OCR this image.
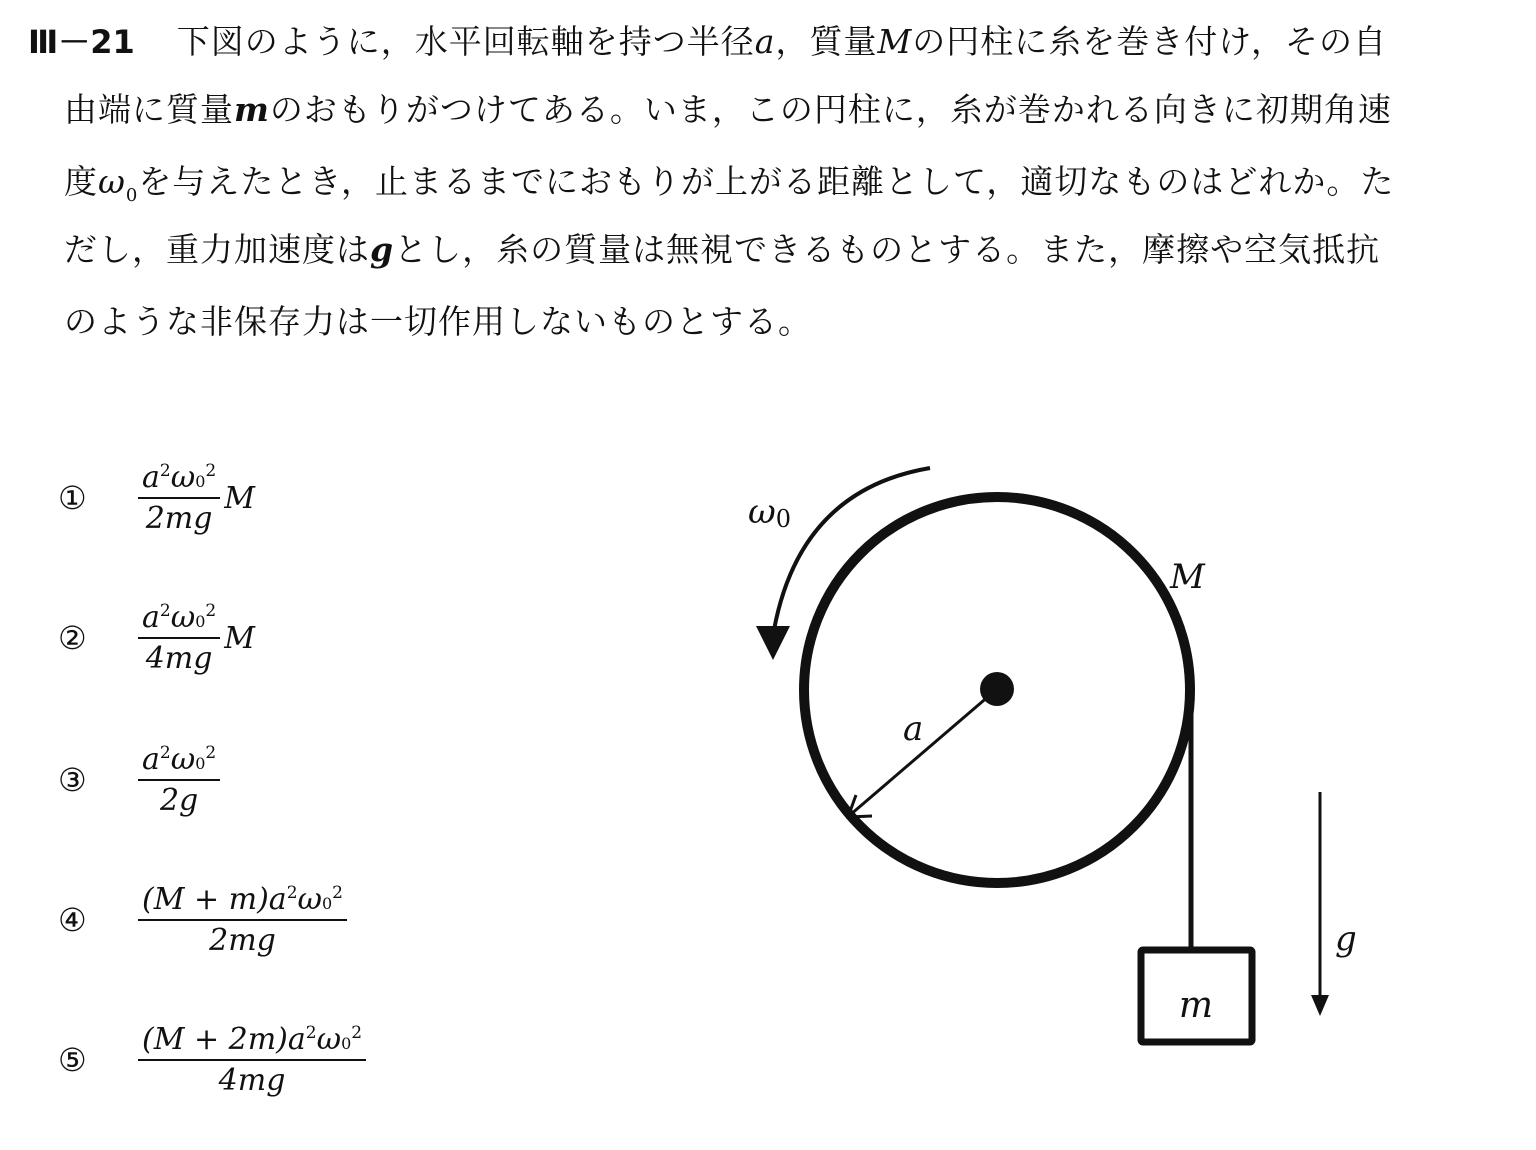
Ⅲ－21 下図のように，水平回転軸を持つ半径a，質量Mの円柱に糸を巻き付け，その自
由端に質量mのおもりがつけてある。いま，この円柱に，糸が巻かれる向きに初期角速
度$\omega_0$を与えたとき，止まるまでにおもりが上がる距離として，適切なものはどれか。た
だし，重力加速度はgとし，糸の質量は無視できるものとする。また，摩擦や空気抵抗
のような非保存力は一切作用しないものとする。
①	$\frac{a^2\omega 0^2}{2mg}$ M
②	$\frac{a^2\omega 0^2}{4mg}$ M
③	$\frac{a^2\omega 0^2}{2g}$
④	$\frac{(M + m)a^2\omega 0^2}{2mg}$
⑤	$\frac{(M + 2m)a^2\omega 0^2}{4mg}$
ω0
a
M
m
g
